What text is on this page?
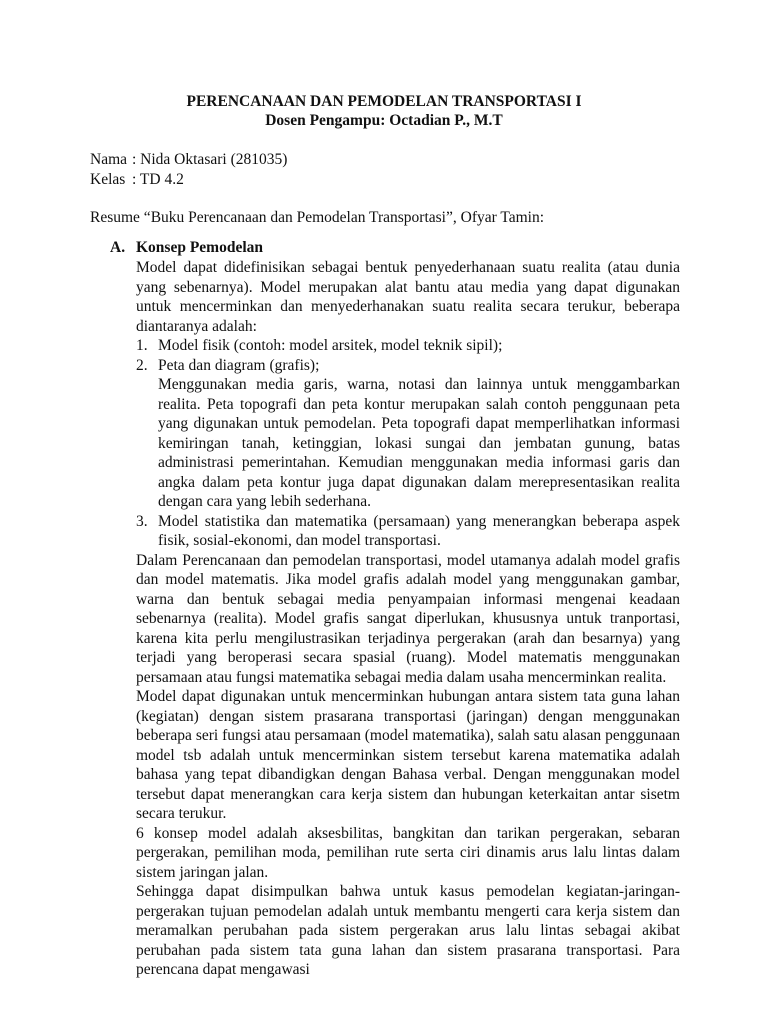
PERENCANAAN DAN PEMODELAN TRANSPORTASI I
Dosen Pengampu: Octadian P., M.T
Nama : Nida Oktasari (281035)
Kelas : TD 4.2
Resume “Buku Perencanaan dan Pemodelan Transportasi”, Ofyar Tamin:
A. Konsep Pemodelan
Model dapat didefinisikan sebagai bentuk penyederhanaan suatu realita (atau dunia yang sebenarnya). Model merupakan alat bantu atau media yang dapat digunakan untuk mencerminkan dan menyederhanakan suatu realita secara terukur, beberapa diantaranya adalah:
1. Model fisik (contoh: model arsitek, model teknik sipil);
2. Peta dan diagram (grafis);
Menggunakan media garis, warna, notasi dan lainnya untuk menggambarkan realita. Peta topografi dan peta kontur merupakan salah contoh penggunaan peta yang digunakan untuk pemodelan. Peta topografi dapat memperlihatkan informasi kemiringan tanah, ketinggian, lokasi sungai dan jembatan gunung, batas administrasi pemerintahan. Kemudian menggunakan media informasi garis dan angka dalam peta kontur juga dapat digunakan dalam merepresentasikan realita dengan cara yang lebih sederhana.
3. Model statistika dan matematika (persamaan) yang menerangkan beberapa aspek fisik, sosial-ekonomi, dan model transportasi.
Dalam Perencanaan dan pemodelan transportasi, model utamanya adalah model grafis dan model matematis. Jika model grafis adalah model yang menggunakan gambar, warna dan bentuk sebagai media penyampaian informasi mengenai keadaan sebenarnya (realita). Model grafis sangat diperlukan, khususnya untuk tranportasi, karena kita perlu mengilustrasikan terjadinya pergerakan (arah dan besarnya) yang terjadi yang beroperasi secara spasial (ruang). Model matematis menggunakan persamaan atau fungsi matematika sebagai media dalam usaha mencerminkan realita.
Model dapat digunakan untuk mencerminkan hubungan antara sistem tata guna lahan (kegiatan) dengan sistem prasarana transportasi (jaringan) dengan menggunakan beberapa seri fungsi atau persamaan (model matematika), salah satu alasan penggunaan model tsb adalah untuk mencerminkan sistem tersebut karena matematika adalah bahasa yang tepat dibandigkan dengan Bahasa verbal. Dengan menggunakan model tersebut dapat menerangkan cara kerja sistem dan hubungan keterkaitan antar sisetm secara terukur.
6 konsep model adalah aksesbilitas, bangkitan dan tarikan pergerakan, sebaran pergerakan, pemilihan moda, pemilihan rute serta ciri dinamis arus lalu lintas dalam sistem jaringan jalan.
Sehingga dapat disimpulkan bahwa untuk kasus pemodelan kegiatan-jaringan-pergerakan tujuan pemodelan adalah untuk membantu mengerti cara kerja sistem dan meramalkan perubahan pada sistem pergerakan arus lalu lintas sebagai akibat perubahan pada sistem tata guna lahan dan sistem prasarana transportasi. Para perencana dapat mengawasi
